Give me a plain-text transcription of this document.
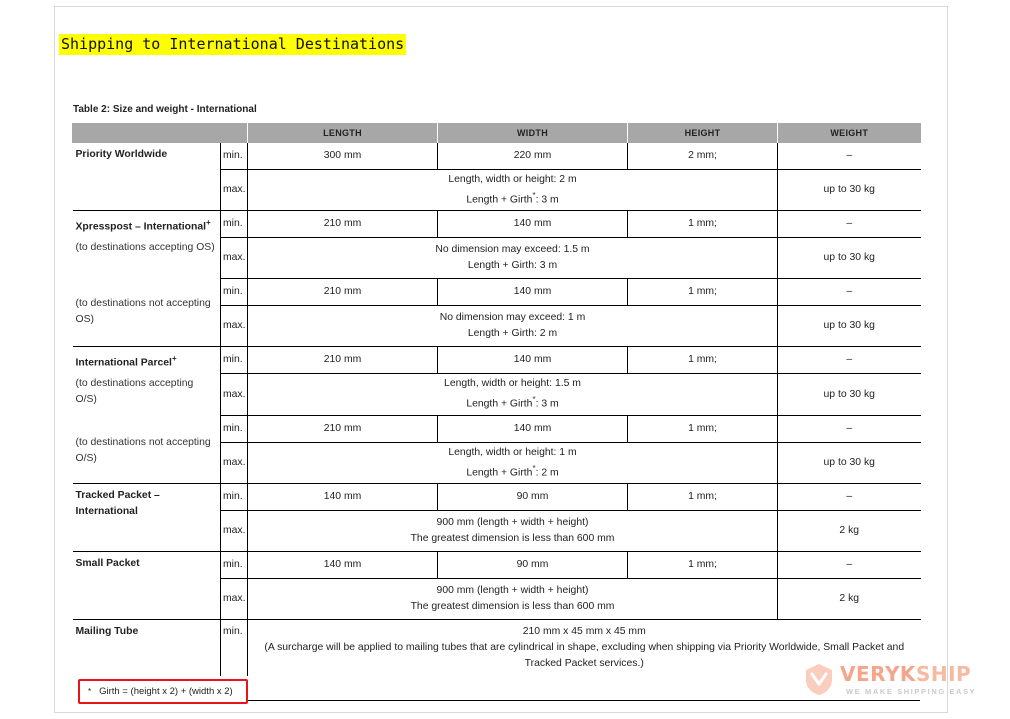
Shipping to International Destinations
Table 2: Size and weight - International
		LENGTH	WIDTH	HEIGHT	WEIGHT

Priority Worldwide	min.	300 mm	220 mm	2 mm;	–
	max.	Length, width or height: 2 m
Length + Girth*: 3 m			up to 30 kg

Xpresspost – International+
(to destinations accepting OS)	min.	210 mm	140 mm	1 mm;	–
	max.	No dimension may exceed: 1.5 m
Length + Girth: 3 m			up to 30 kg

(to destinations not accepting OS)	min.	210 mm	140 mm	1 mm;	–
	max.	No dimension may exceed: 1 m
Length + Girth: 2 m			up to 30 kg

International Parcel+
(to destinations accepting O/S)	min.	210 mm	140 mm	1 mm;	–
	max.	Length, width or height: 1.5 m
Length + Girth*: 3 m			up to 30 kg

(to destinations not accepting O/S)	min.	210 mm	140 mm	1 mm;	–
	max.	Length, width or height: 1 m
Length + Girth*: 2 m			up to 30 kg

Tracked Packet – International	min.	140 mm	90 mm	1 mm;	–
	max.	900 mm (length + width + height)
The greatest dimension is less than 600 mm			2 kg

Small Packet	min.	140 mm	90 mm	1 mm;	–
	max.	900 mm (length + width + height)
The greatest dimension is less than 600 mm			2 kg

Mailing Tube	min.	210 mm x 45 mm x 45 mm
(A surcharge will be applied to mailing tubes that are cylindrical in shape, excluding when shipping via Priority Worldwide, Small Packet and
Tracked Packet services.)			
* Girth = (height x 2) + (width x 2)
VERYKSHIP
WE MAKE SHIPPING EASY
